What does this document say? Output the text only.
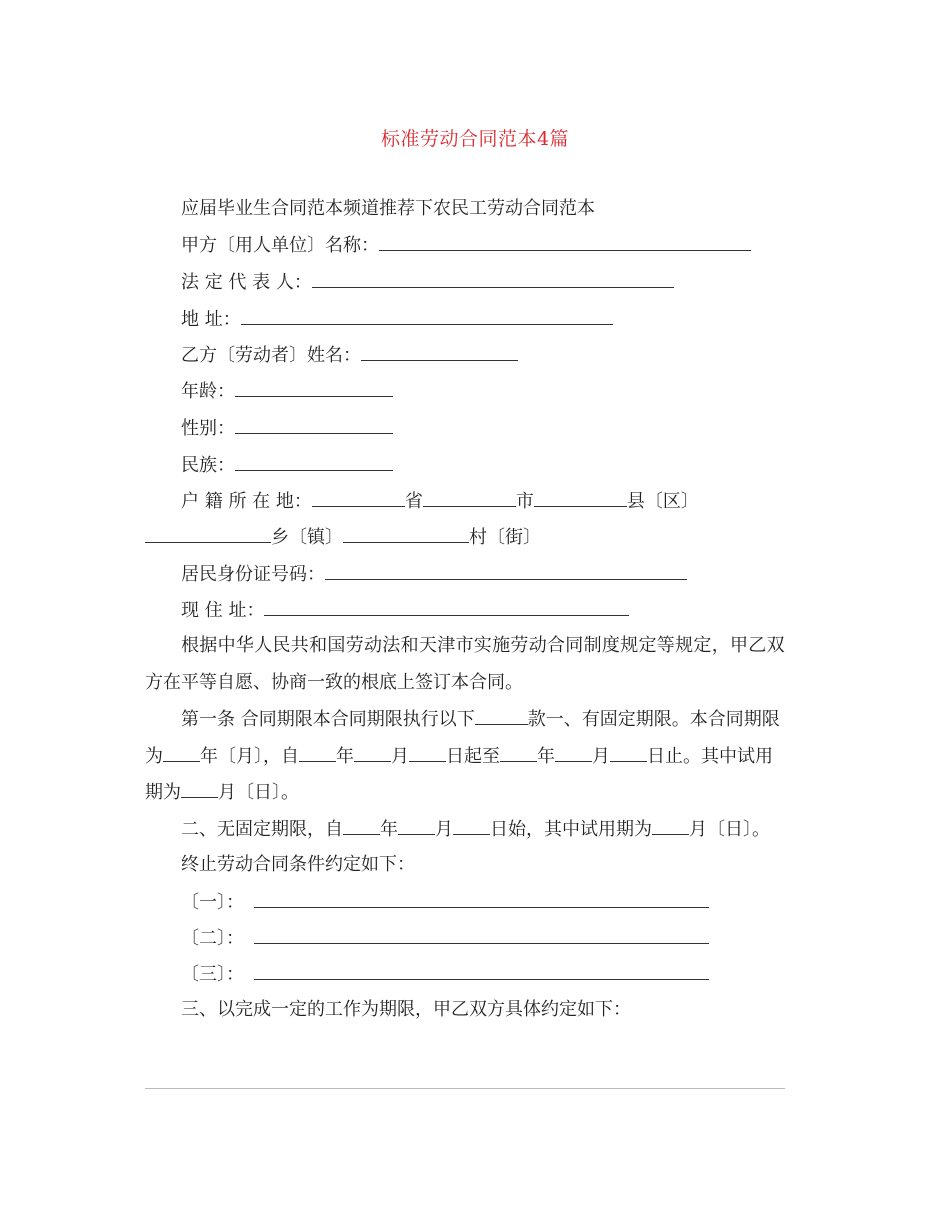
标准劳动合同范本4篇
应届毕业生合同范本频道推荐下农民工劳动合同范本
甲方〔用人单位〕名称：
法 定 代 表 人：
地 址：
乙方〔劳动者〕姓名：
年龄：
性别：
民族：
户 籍 所 在 地：	省	市	县〔区〕
乡〔镇〕	村〔街〕
居民身份证号码：
现 住 址：
根据中华人民共和国劳动法和天津市实施劳动合同制度规定等规定，甲乙双
方在平等自愿、协商一致的根底上签订本合同。
第一条 合同期限本合同期限执行以下	款一、有固定期限。本合同期限
为 年〔月〕，自 年 月 日起至 年 月 日止。其中试用
期为 月〔日〕。
二、无固定期限，自 年 月 日始，其中试用期为 月〔日〕。
终止劳动合同条件约定如下：
〔一〕：
〔二〕：
〔三〕：
三、以完成一定的工作为期限，甲乙双方具体约定如下：
